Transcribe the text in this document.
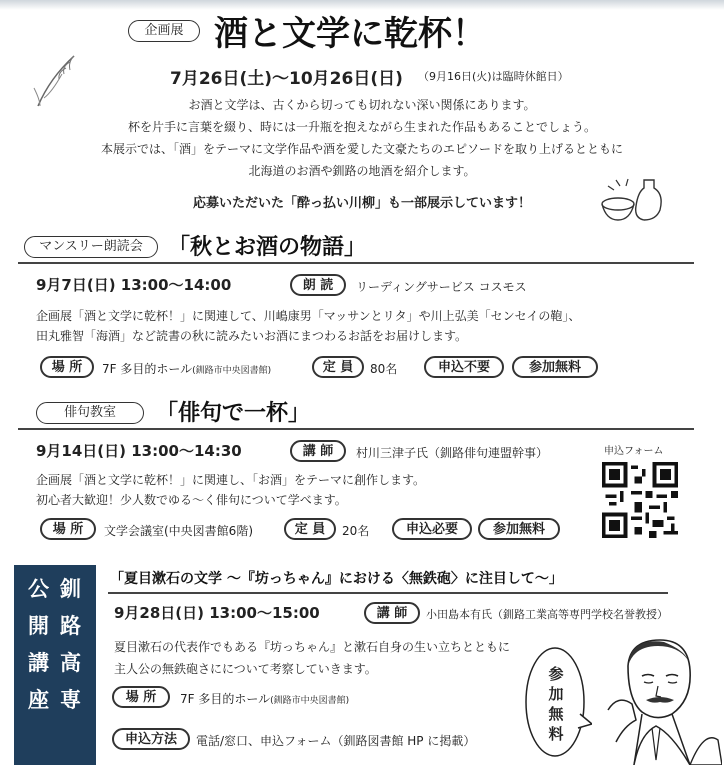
企画展 酒と文学に乾杯！
7月26日(土)〜10月26日(日) （9月16日(火)は臨時休館日）
お酒と文学は、古くから切っても切れない深い関係にあります。
杯を片手に言葉を綴り、時には一升瓶を抱えながら生まれた作品もあることでしょう。
本展示では、「酒」をテーマに文学作品や酒を愛した文豪たちのエピソードを取り上げるとともに
北海道のお酒や釧路の地酒を紹介します。
応募いただいた「酔っ払い川柳」も一部展示しています！
マンスリー朗読会	「秋とお酒の物語」
9月7日(日) 13:00〜14:00	朗 読	リーディングサービス コスモス
企画展「酒と文学に乾杯！」に関連して、川嶋康男「マッサンとリタ」や川上弘美「センセイの鞄」、
田丸雅智「海酒」など読書の秋に読みたいお酒にまつわるお話をお届けします。
場 所	7F 多目的ホール(釧路市中央図書館)	定 員	80名	申込不要	参加無料
俳句教室	「俳句で一杯」
9月14日(日) 13:00〜14:30	講 師	村川三津子氏（釧路俳句連盟幹事）
企画展「酒と文学に乾杯！」に関連し、「お酒」をテーマに創作します。
初心者大歓迎！少人数でゆる〜く俳句について学べます。
場 所	文学会議室(中央図書館6階)	定 員	20名	申込必要	参加無料
申込フォーム
公
開
講
座
釧
路
高
専
「夏目漱石の文学 〜『坊っちゃん』における〈無鉄砲〉に注目して〜」
9月28日(日) 13:00〜15:00	講 師	小田島本有氏（釧路工業高等専門学校名誉教授）
夏目漱石の代表作でもある『坊っちゃん』と漱石自身の生い立ちとともに
主人公の無鉄砲さにについて考察していきます。
場 所	7F 多目的ホール(釧路市中央図書館)
申込方法	電話/窓口、申込フォーム（釧路図書館 HP に掲載）
参
加
無
料
